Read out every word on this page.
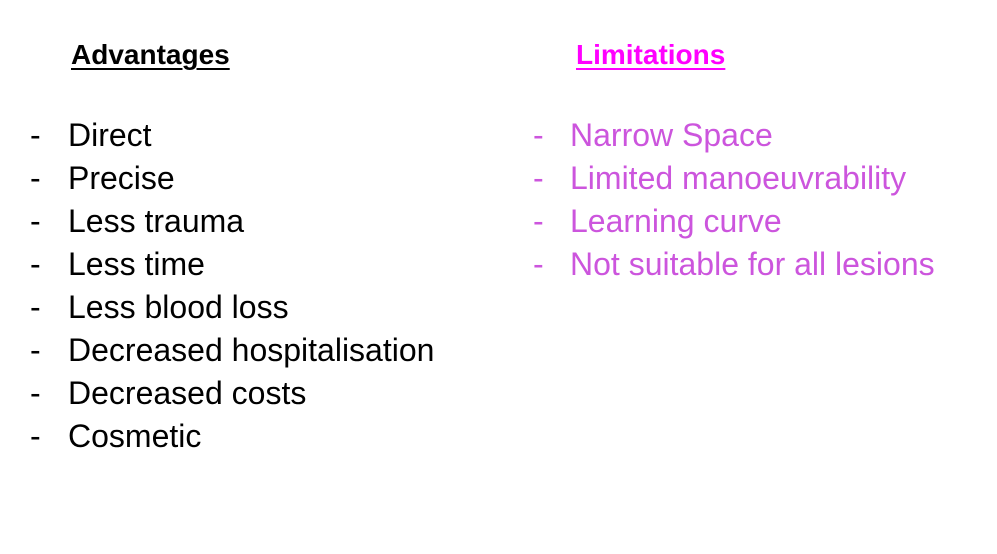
Advantages	Limitations
- Direct
- Precise
- Less trauma
- Less time
- Less blood loss
- Decreased hospitalisation
- Decreased costs
- Cosmetic
- Narrow Space
- Limited manoeuvrability
- Learning curve
- Not suitable for all lesions
